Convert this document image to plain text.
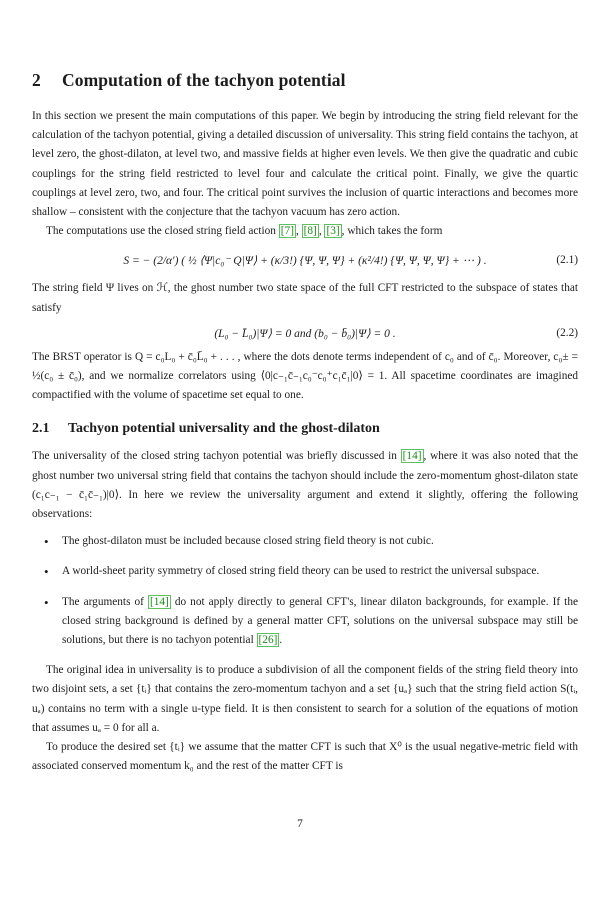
2 Computation of the tachyon potential

In this section we present the main computations of this paper. We begin by introducing the string field relevant for the calculation of the tachyon potential, giving a detailed discussion of universality. This string field contains the tachyon, at level zero, the ghost-dilaton, at level two, and massive fields at higher even levels. We then give the quadratic and cubic couplings for the string field restricted to level four and calculate the critical point. Finally, we give the quartic couplings at level zero, two, and four. The critical point survives the inclusion of quartic interactions and becomes more shallow – consistent with the conjecture that the tachyon vacuum has zero action.

The computations use the closed string field action [7] , [8] , [3] , which takes the form

S = − (2/α′) ( ½ ⟨Ψ|c₀⁻ Q|Ψ⟩ + (κ/3!) {Ψ, Ψ, Ψ} + (κ²/4!) {Ψ, Ψ, Ψ, Ψ} + ⋯ ) .	(2.1)

The string field Ψ lives on ℋ, the ghost number two state space of the full CFT restricted to the subspace of states that satisfy

(L₀ − L̄₀)|Ψ⟩ = 0 and (b₀ − b̄₀)|Ψ⟩ = 0 .	(2.2)

The BRST operator is Q = c₀L₀ + c̄₀L̄₀ + . . . , where the dots denote terms independent of c₀ and of c̄₀. Moreover, c₀± = ½(c₀ ± c̄₀), and we normalize correlators using ⟨0|c₋₁c̄₋₁c₀⁻c₀⁺c₁c̄₁|0⟩ = 1. All spacetime coordinates are imagined compactified with the volume of spacetime set equal to one.

2.1 Tachyon potential universality and the ghost-dilaton

The universality of the closed string tachyon potential was briefly discussed in [14] , where it was also noted that the ghost number two universal string field that contains the tachyon should include the zero-momentum ghost-dilaton state (c₁c₋₁ − c̄₁c̄₋₁)|0⟩. In here we review the universality argument and extend it slightly, offering the following observations:

• The ghost-dilaton must be included because closed string field theory is not cubic.
• A world-sheet parity symmetry of closed string field theory can be used to restrict the universal subspace.
• The arguments of [14] do not apply directly to general CFT's, linear dilaton backgrounds, for example. If the closed string background is defined by a general matter CFT, solutions on the universal subspace may still be solutions, but there is no tachyon potential [26] .

The original idea in universality is to produce a subdivision of all the component fields of the string field theory into two disjoint sets, a set {tᵢ} that contains the zero-momentum tachyon and a set {uₐ} such that the string field action S(tᵢ, uₐ) contains no term with a single u-type field. It is then consistent to search for a solution of the equations of motion that assumes uₐ = 0 for all a.

To produce the desired set {tᵢ} we assume that the matter CFT is such that X⁰ is the usual negative-metric field with associated conserved momentum k₀ and the rest of the matter CFT is

7
